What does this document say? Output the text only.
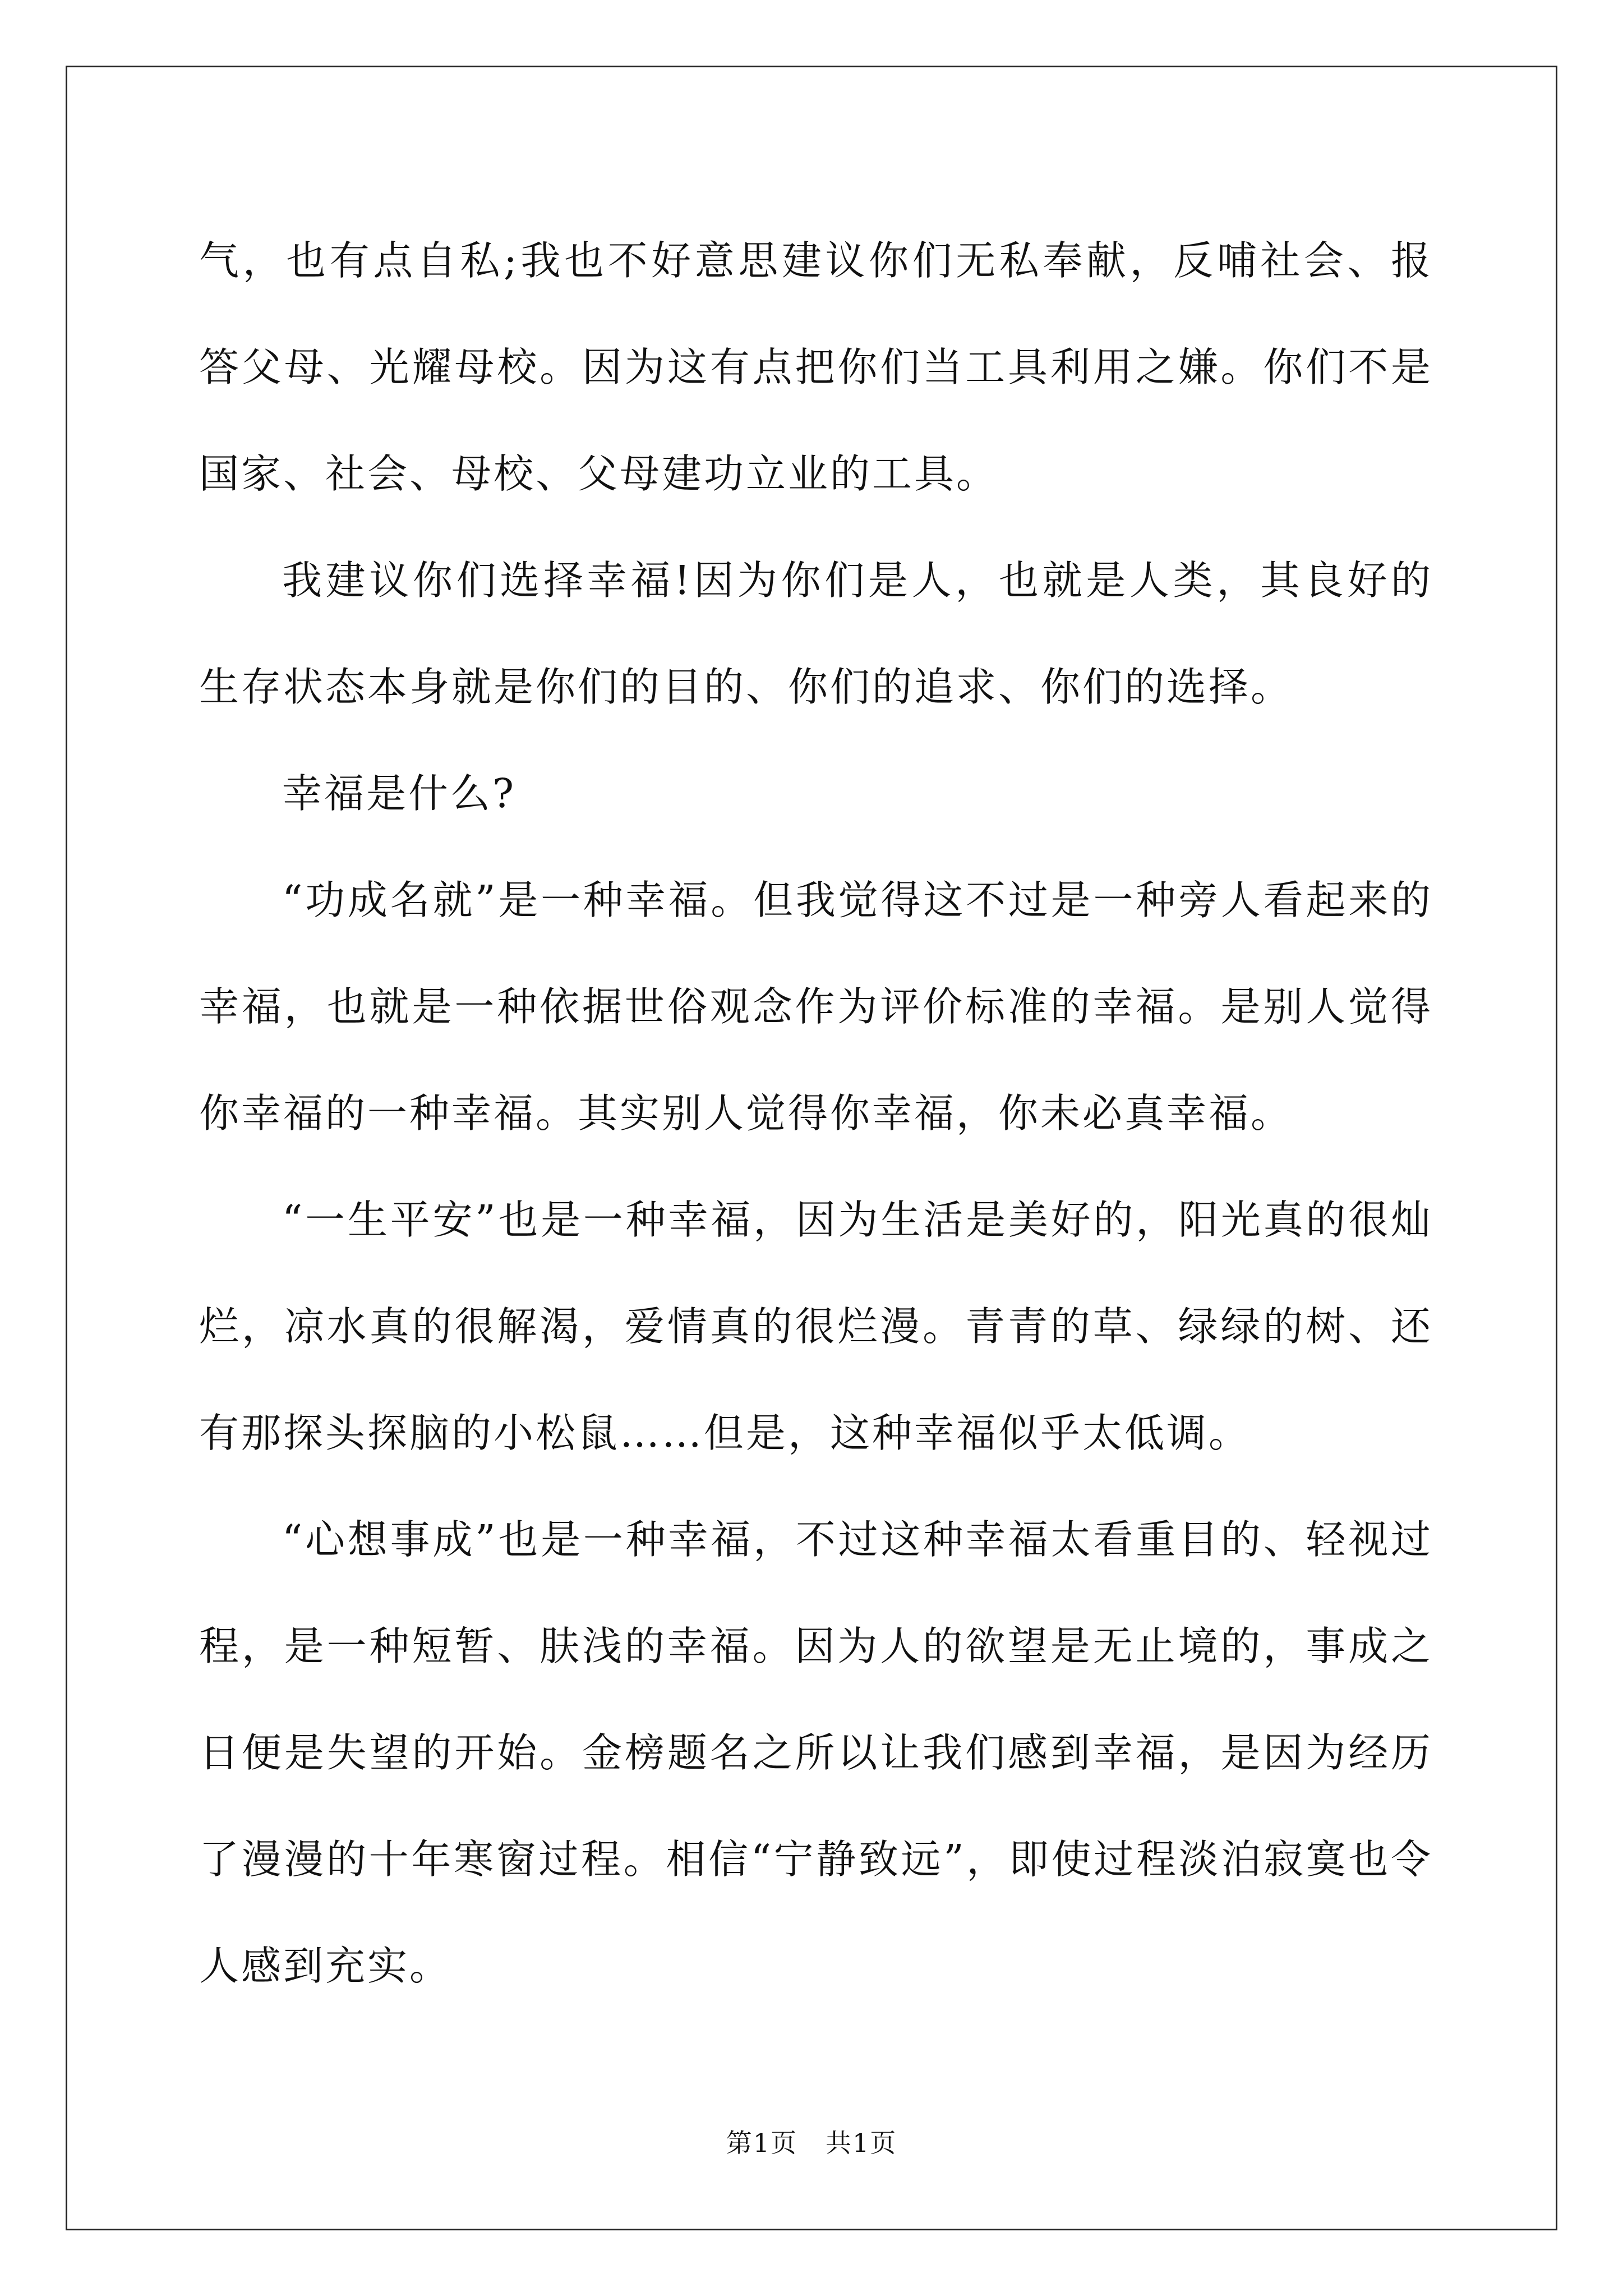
气，也有点自私;我也不好意思建议你们无私奉献，反哺社会、报答父母、光耀母校。因为这有点把你们当工具利用之嫌。你们不是国家、社会、母校、父母建功立业的工具。

我建议你们选择幸福!因为你们是人，也就是人类，其良好的生存状态本身就是你们的目的、你们的追求、你们的选择。

幸福是什么?

“功成名就”是一种幸福。但我觉得这不过是一种旁人看起来的幸福，也就是一种依据世俗观念作为评价标准的幸福。是别人觉得你幸福的一种幸福。其实别人觉得你幸福，你未必真幸福。

“一生平安”也是一种幸福，因为生活是美好的，阳光真的很灿烂，凉水真的很解渴，爱情真的很烂漫。青青的草、绿绿的树、还有那探头探脑的小松鼠……但是，这种幸福似乎太低调。

“心想事成”也是一种幸福，不过这种幸福太看重目的、轻视过程，是一种短暂、肤浅的幸福。因为人的欲望是无止境的，事成之日便是失望的开始。金榜题名之所以让我们感到幸福，是因为经历了漫漫的十年寒窗过程。相信“宁静致远”，即使过程淡泊寂寞也令人感到充实。

第1页 共1页
